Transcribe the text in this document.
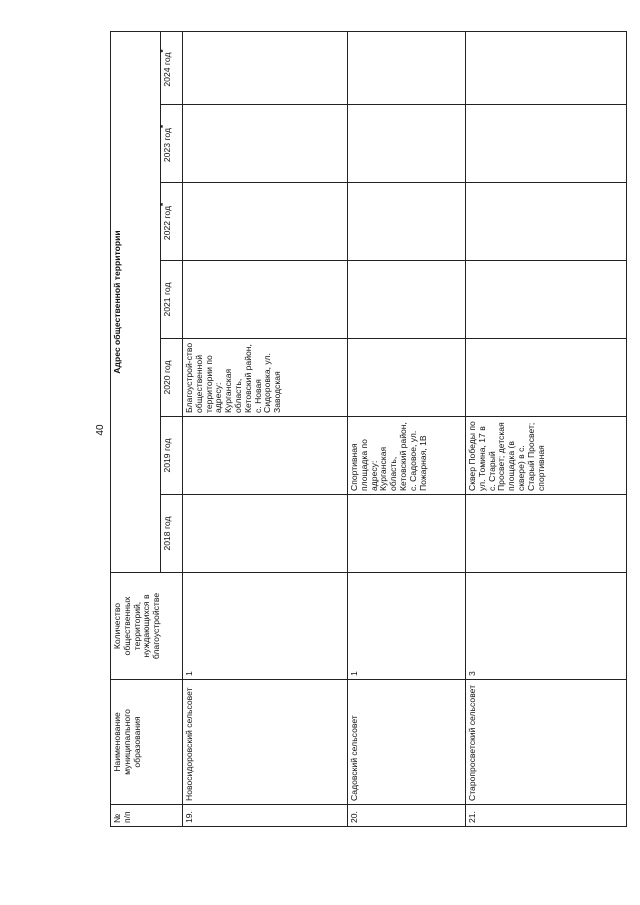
40
№ п/п	Наименование муниципального образования	Количество общественных территорий, нуждающихся в благоустройстве	Адрес общественной территории						
			2018 год	2019 год	2020 год	2021 год	2022 год*	2023 год*	2024 год*
19.	Новосидоровский сельсовет	1			Благоустрой-ство общественной территории по адресу: Курганская область, Кетовский район, с. Новая Сидоровка, ул. Заводская				
20.	Садовский сельсовет	1		Спортивная площадка по адресу: Курганская область, Кетовский район, с. Садовое, ул. Пожарная, 1В					
21.	Старопросветский сельсовет	3		Сквер Победы по ул. Томина, 17 в с. Старый Просвет; детская площадка (в сквере) в с. Старый Просвет; спортивная					
